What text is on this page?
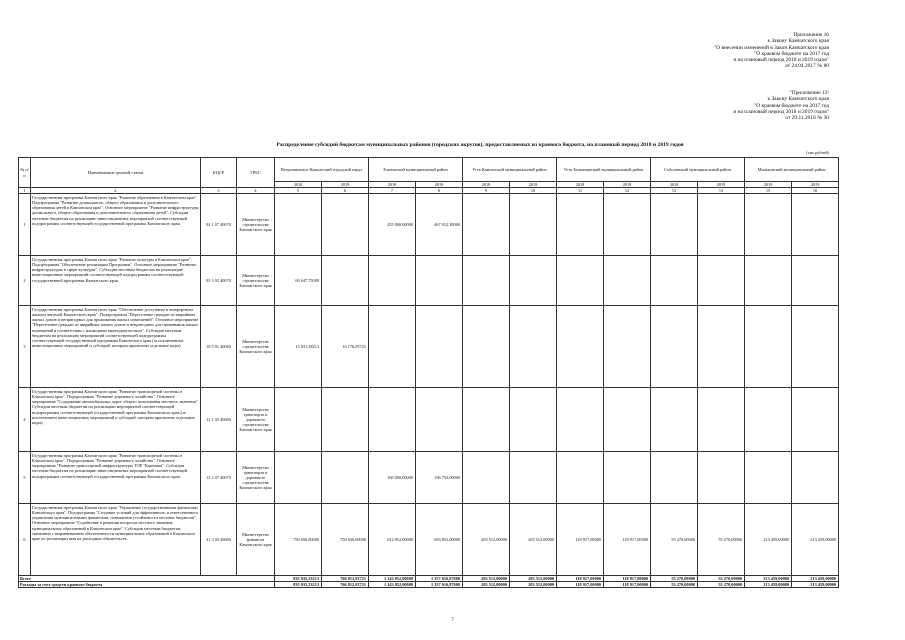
Приложение 16
к Закону Камчатского края
"О внесении изменений в Закон Камчатского края
"О краевом бюджете на 2017 год
и на плановый период 2018 и 2019 годов"
от 24.04.2017 № 80
"Приложение 13²
к Закону Камчатского края
"О краевом бюджете на 2017 год
и на плановый период 2018 и 2019 годов"
от 29.11.2016 № 30
Распределение субсидий бюджетам муниципальных районов (городских округов), предоставляемых из краевого бюджета, на плановый период 2018 и 2019 годов
(тыс.рублей)
№ п/п	Наименование целевой статьи	КЦСР	ГРБС	Петропавловск-Камчатский городской округ		Елизовский муниципальный район		Усть-Камчатский муниципальный район		Усть-Большерецкий муниципальный район		Соболевский муниципальный район		Мильковский муниципальный район	
				2018	2019	2018	2019	2018	2019	2018	2019	2018	2019	2018	2019
1	2	3	4	5	6	7	8	9	10	11	12	13	14	15	16
1	Государственная программа Камчатского края "Развитие образования в Камчатском крае". Подпрограмма "Развитие дошкольного, общего образования и дополнительного образования детей в Камчатском крае". Основное мероприятие "Развитие инфраструктуры дошкольного, общего образования и дополнительного образования детей". Субсидии местным бюджетам на реализацию инвестиционных мероприятий соответствующей подпрограммы соответствующей государственной программы Камчатского края.	02 1 07 40070	Министерство строительства Камчатского края			255 000,00000	467 012,38000								
2	Государственная программа Камчатского края "Развитие культуры в Камчатском крае". Подпрограмма "Обеспечение реализации Программы". Основное мероприятие "Развитие инфраструктуры в сфере культуры". Субсидии местным бюджетам на реализацию инвестиционных мероприятий соответствующей подпрограммы соответствующей государственной программы Камчатского края.	05 3 02 40070	Министерство строительства Камчатского края	69 647,75000											
3	Государственная программа Камчатского края "Обеспечение доступным и комфортным жильем жителей Камчатского края". Подпрограмма "Переселение граждан из аварийных жилых домов и непригодных для проживания жилых помещений". Основное мероприятие "Переселение граждан из аварийных жилых домов и непригодных для проживания жилых помещений в соответствии с жилищным законодательством". Субсидии местным бюджетам на реализацию мероприятий соответствующей подпрограммы соответствующей государственной программы Камчатского края (за исключением инвестиционных мероприятий и субсидий, которым присвоены отдельные коды).	10 5 01 40060	Министерство строительства Камчатского края	15 631,58213	16 176,05721										
4	Государственная программа Камчатского края "Развитие транспортной системы в Камчатском крае". Подпрограмма "Развитие дорожного хозяйства". Основное мероприятие "Содержание автомобильных дорог общего пользования местного значения". Субсидии местным бюджетам на реализацию мероприятий соответствующей подпрограммы соответствующей государственной программы Камчатского края (за исключением инвестиционных мероприятий и субсидий, которым присвоены отдельные коды).	12 1 05 40060	Министерство транспорта и дорожного строительства Камчатского края												
5	Государственная программа Камчатского края "Развитие транспортной системы в Камчатском крае". Подпрограмма "Развитие дорожного хозяйства". Основное мероприятие "Развитие транспортной инфраструктуры ТОР "Камчатка". Субсидии местным бюджетам на реализацию инвестиционных мероприятий соответствующей подпрограммы соответствующей государственной программы Камчатского края.	12 1 07 40070	Министерство транспорта и дорожного строительства Камчатского края			160 000,00000	196 752,00000								
6	Государственная программа Камчатского края "Управление государственными финансами Камчатского края". Подпрограмма "Создание условий для эффективного и ответственного управления муниципальными финансами, повышения устойчивости местных бюджетов". Основное мероприятие "Содействие в решении вопросов местного значения муниципальных образований в Камчатском крае". Субсидии местным бюджетам, связанные с выравниванием обеспеченности муниципальных образований в Камчатском крае по реализации ими их расходных обязательств.	21 3 03 40060	Министерство финансов Камчатского края	750 656,00000	750 636,00000	612 052,00000	693 852,00000	203 512,00000	203 512,00000	118 917,00000	118 917,00000	55 270,00000	55 270,00000	213 459,00000	213 459,00000
Всего				835 935,33213	766 812,93721	1 143 852,00000	1 357 616,87000	203 512,00000	203 512,00000	118 917,00000	118 917,00000	55 270,00000	55 270,00000	213 459,00000	213 459,00000
Расходы за счет средств краевого бюджета				835 935,33213	766 812,93721	1 143 852,00000	1 357 616,87000	203 512,00000	203 512,00000	118 917,00000	118 917,00000	55 270,00000	55 270,00000	213 459,00000	213 459,00000
7
